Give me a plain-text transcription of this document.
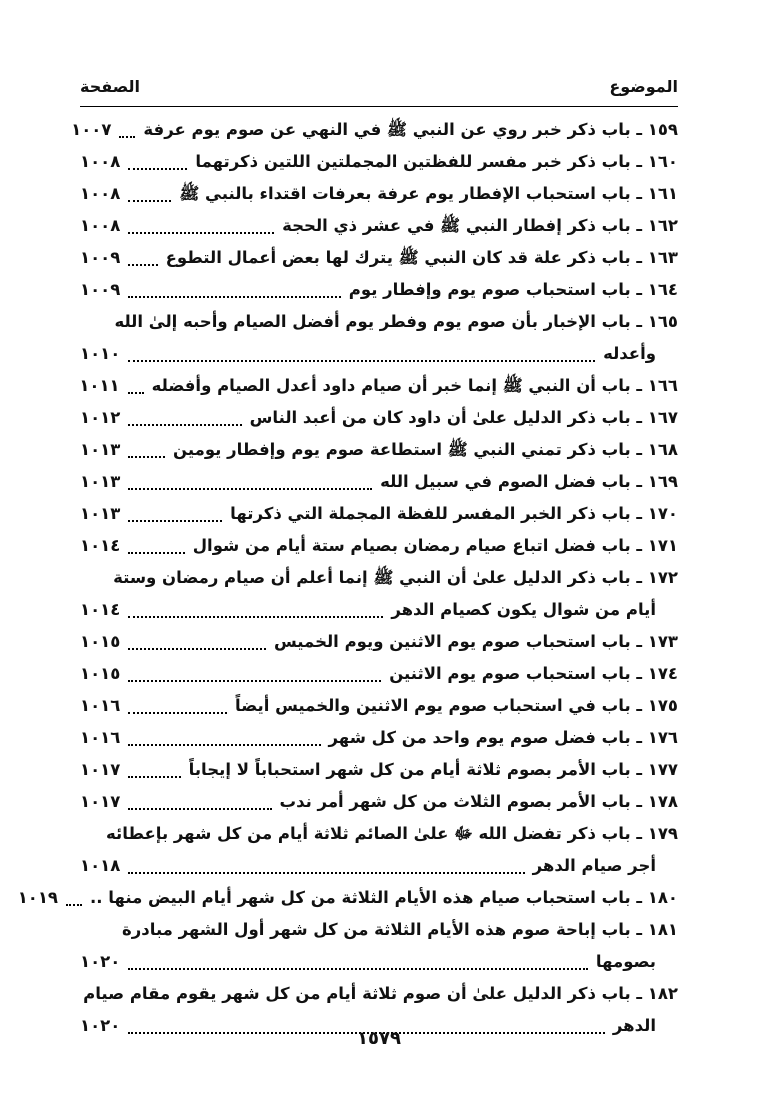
الموضوع
الصفحة
١٥٩ ـ باب ذكر خبر روي عن النبي ﷺ في النهي عن صوم يوم عرفة
١٠٠٧
١٦٠ ـ باب ذكر خبر مفسر للفظتين المجملتين اللتين ذكرتهما
١٠٠٨
١٦١ ـ باب استحباب الإفطار يوم عرفة بعرفات اقتداء بالنبي ﷺ
١٠٠٨
١٦٢ ـ باب ذكر إفطار النبي ﷺ في عشر ذي الحجة
١٠٠٨
١٦٣ ـ باب ذكر علة قد كان النبي ﷺ يترك لها بعض أعمال التطوع
١٠٠٩
١٦٤ ـ باب استحباب صوم يوم وإفطار يوم
١٠٠٩
١٦٥ ـ باب الإخبار بأن صوم يوم وفطر يوم أفضل الصيام وأحبه إلىٰ الله
وأعدله
١٠١٠
١٦٦ ـ باب أن النبي ﷺ إنما خبر أن صيام داود أعدل الصيام وأفضله
١٠١١
١٦٧ ـ باب ذكر الدليل علىٰ أن داود كان من أعبد الناس
١٠١٢
١٦٨ ـ باب ذكر تمني النبي ﷺ استطاعة صوم يوم وإفطار يومين
١٠١٣
١٦٩ ـ باب فضل الصوم في سبيل الله
١٠١٣
١٧٠ ـ باب ذكر الخبر المفسر للفظة المجملة التي ذكرتها
١٠١٣
١٧١ ـ باب فضل اتباع صيام رمضان بصيام ستة أيام من شوال
١٠١٤
١٧٢ ـ باب ذكر الدليل علىٰ أن النبي ﷺ إنما أعلم أن صيام رمضان وستة
أيام من شوال يكون كصيام الدهر
١٠١٤
١٧٣ ـ باب استحباب صوم يوم الاثنين ويوم الخميس
١٠١٥
١٧٤ ـ باب استحباب صوم يوم الاثنين
١٠١٥
١٧٥ ـ باب في استحباب صوم يوم الاثنين والخميس أيضاً
١٠١٦
١٧٦ ـ باب فضل صوم يوم واحد من كل شهر
١٠١٦
١٧٧ ـ باب الأمر بصوم ثلاثة أيام من كل شهر استحباباً لا إيجاباً
١٠١٧
١٧٨ ـ باب الأمر بصوم الثلاث من كل شهر أمر ندب
١٠١٧
١٧٩ ـ باب ذكر تفضل الله ﷻ علىٰ الصائم ثلاثة أيام من كل شهر بإعطائه
أجر صيام الدهر
١٠١٨
١٨٠ ـ باب استحباب صيام هذه الأيام الثلاثة من كل شهر أيام البيض منها ..
١٠١٩
١٨١ ـ باب إباحة صوم هذه الأيام الثلاثة من كل شهر أول الشهر مبادرة
بصومها
١٠٢٠
١٨٢ ـ باب ذكر الدليل علىٰ أن صوم ثلاثة أيام من كل شهر يقوم مقام صيام
الدهر
١٠٢٠
١٥٧٩
